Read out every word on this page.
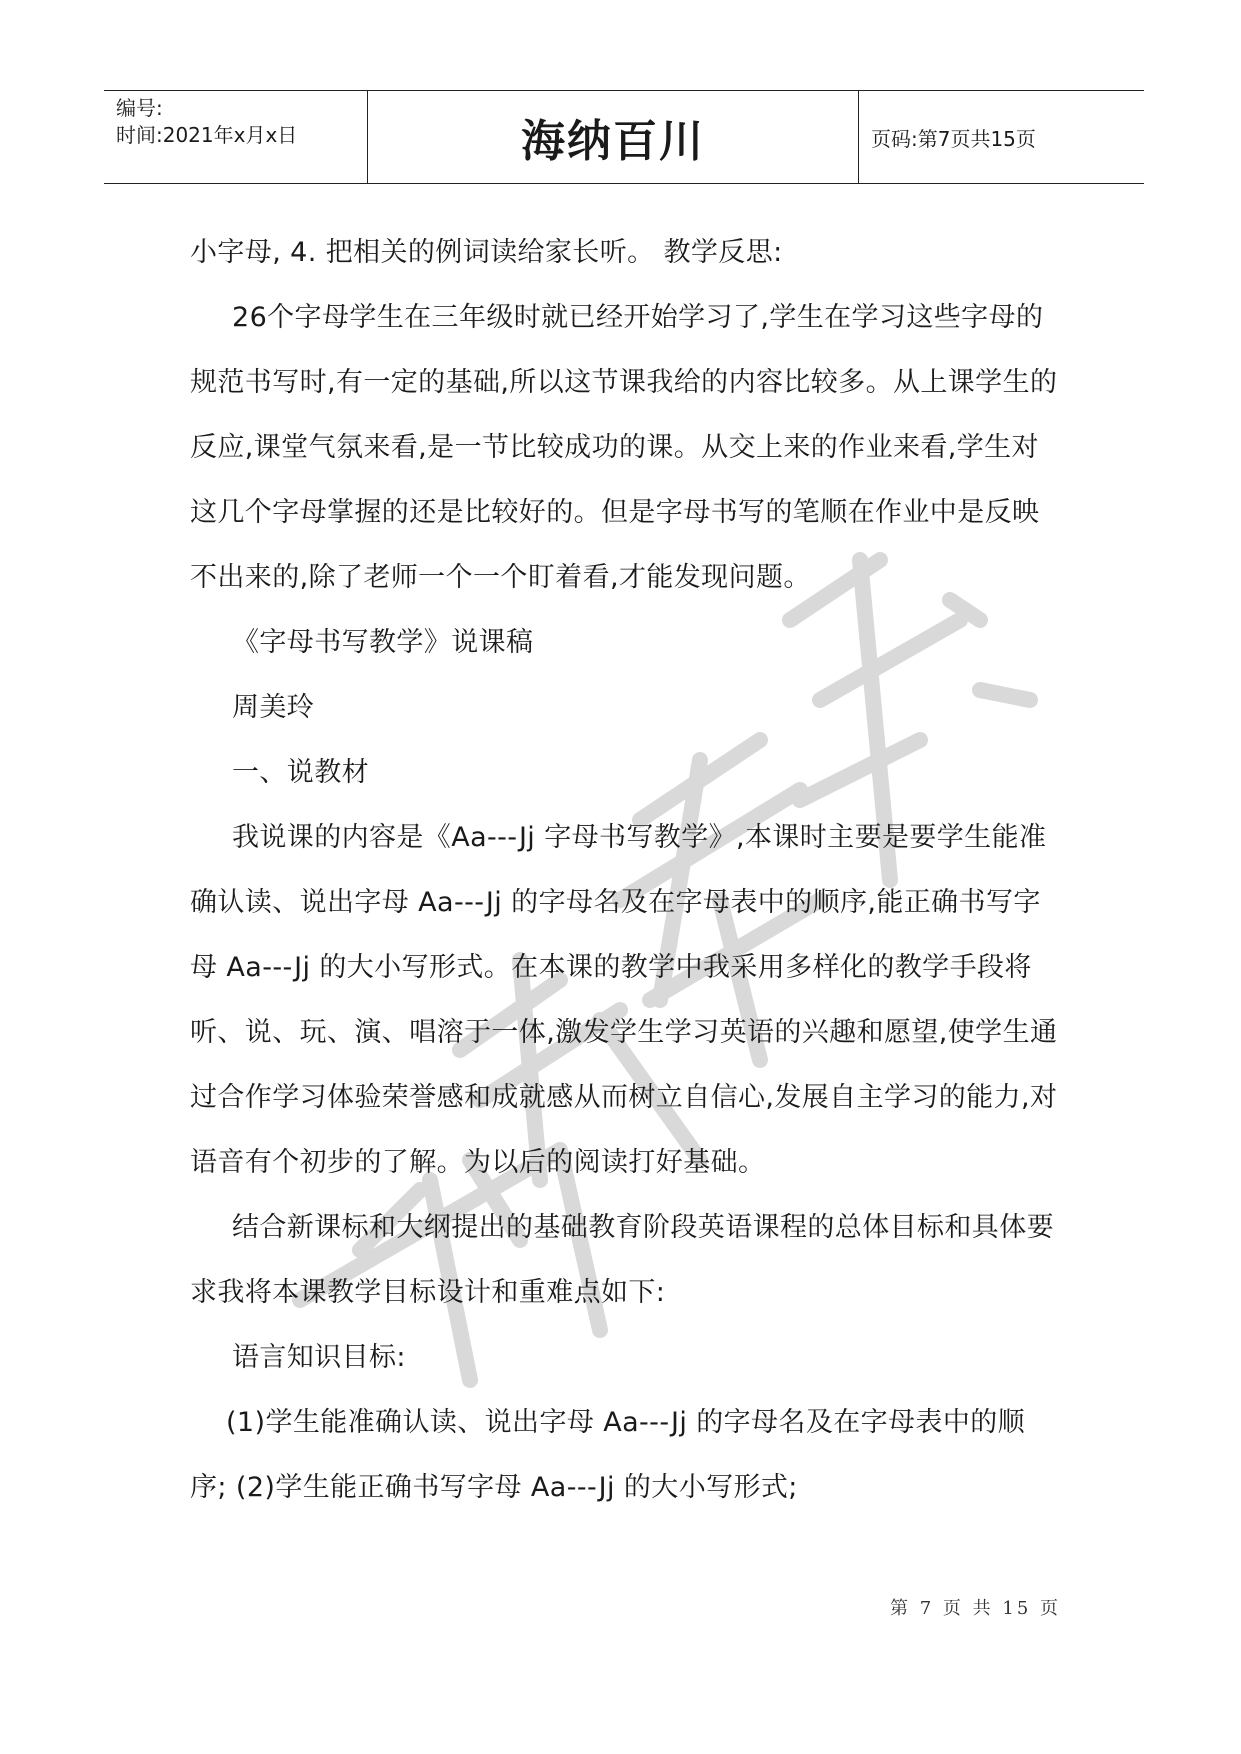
编号:
时间:2021年x月x日	海纳百川	页码:第7页共15页

小字母, 4. 把相关的例词读给家长听。 教学反思:

26个字母学生在三年级时就已经开始学习了,学生在学习这些字母的规范书写时,有一定的基础,所以这节课我给的内容比较多。从上课学生的反应,课堂气氛来看,是一节比较成功的课。从交上来的作业来看,学生对这几个字母掌握的还是比较好的。但是字母书写的笔顺在作业中是反映不出来的,除了老师一个一个盯着看,才能发现问题。

《字母书写教学》说课稿

周美玲

一、说教材

我说课的内容是《Aa---Jj 字母书写教学》,本课时主要是要学生能准确认读、说出字母 Aa---Jj 的字母名及在字母表中的顺序,能正确书写字母 Aa---Jj 的大小写形式。在本课的教学中我采用多样化的教学手段将听、说、玩、演、唱溶于一体,激发学生学习英语的兴趣和愿望,使学生通过合作学习体验荣誉感和成就感从而树立自信心,发展自主学习的能力,对语音有个初步的了解。为以后的阅读打好基础。

结合新课标和大纲提出的基础教育阶段英语课程的总体目标和具体要求我将本课教学目标设计和重难点如下:

语言知识目标:

(1)学生能准确认读、说出字母 Aa---Jj 的字母名及在字母表中的顺序; (2)学生能正确书写字母 Aa---Jj 的大小写形式;

第 7 页 共 15 页
